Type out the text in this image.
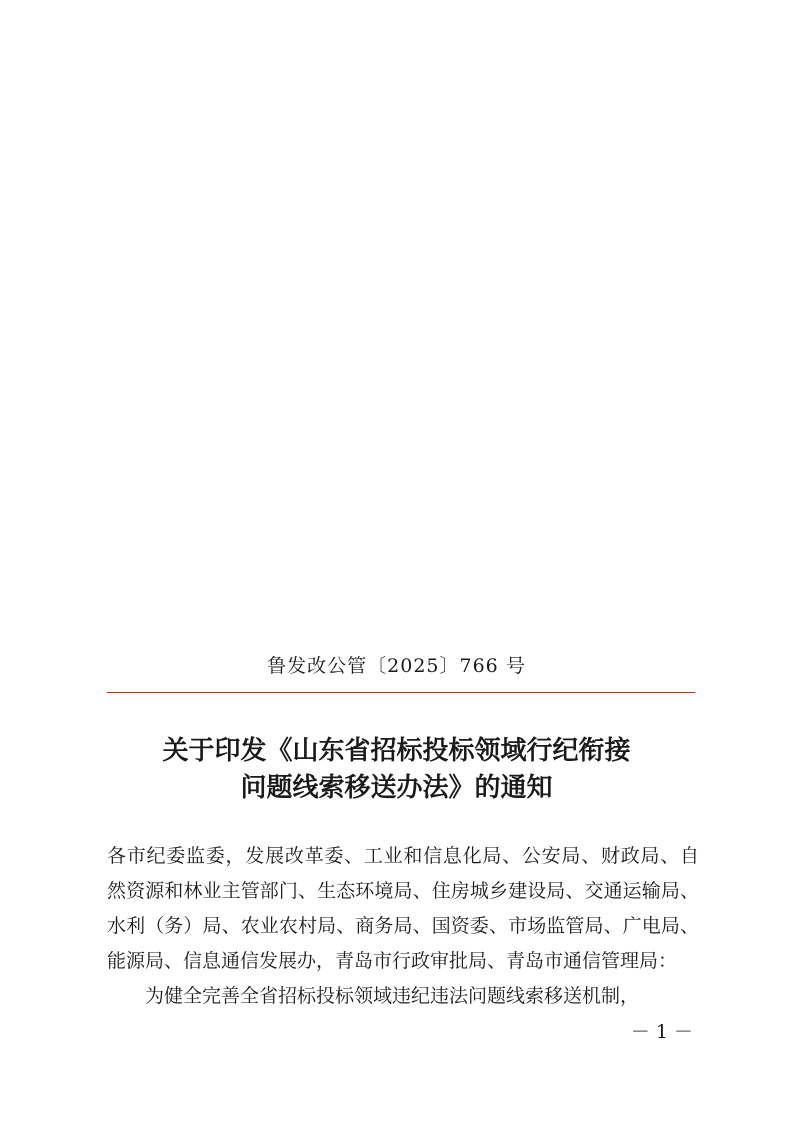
鲁发改公管〔2025〕766 号
关于印发《山东省招标投标领域行纪衔接
问题线索移送办法》的通知
各市纪委监委，发展改革委、工业和信息化局、公安局、财政局、自
然资源和林业主管部门、生态环境局、住房城乡建设局、交通运输局、
水利（务）局、农业农村局、商务局、国资委、市场监管局、广电局、
能源局、信息通信发展办，青岛市行政审批局、青岛市通信管理局：
为健全完善全省招标投标领域违纪违法问题线索移送机制，
－ 1 －
